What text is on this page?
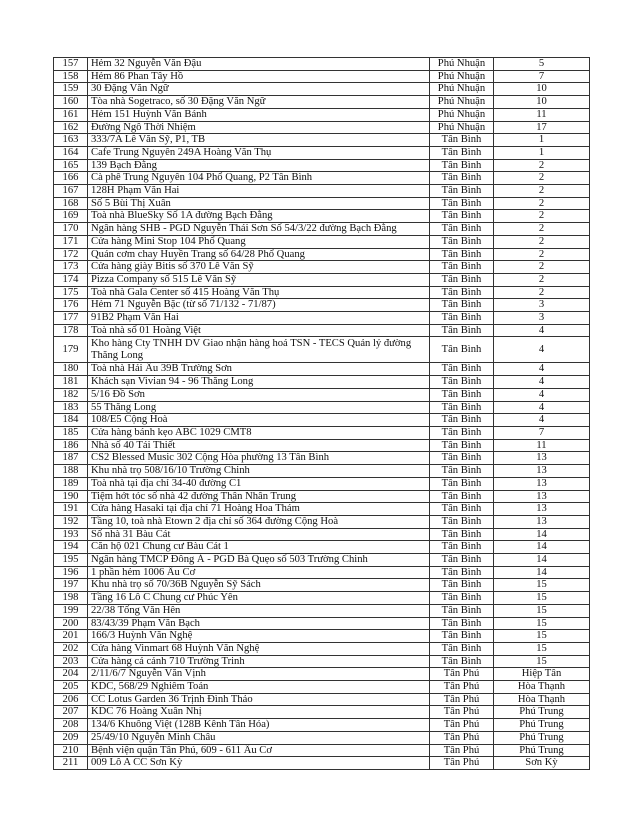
157	Hẻm 32 Nguyễn Văn Đậu	Phú Nhuận	5
158	Hẻm 86 Phan Tây Hồ	Phú Nhuận	7
159	30 Đặng Văn Ngữ	Phú Nhuận	10
160	Tòa nhà Sogetraco, số 30 Đặng Văn Ngữ	Phú Nhuận	10
161	Hẻm 151 Huỳnh Văn Bánh	Phú Nhuận	11
162	Đường Ngô Thời Nhiệm	Phú Nhuận	17
163	333/7A Lê Văn Sỹ, P1, TB	Tân Bình	1
164	Cafe Trung Nguyên 249A Hoàng Văn Thụ	Tân Bình	1
165	139 Bạch Đằng	Tân Bình	2
166	Cà phê Trung Nguyên 104 Phổ Quang, P2 Tân Bình	Tân Bình	2
167	128H Phạm Văn Hai	Tân Bình	2
168	Số 5 Bùi Thị Xuân	Tân Bình	2
169	Toà nhà BlueSky Số 1A đường Bạch Đằng	Tân Bình	2
170	Ngân hàng SHB - PGD Nguyễn Thái Sơn Số 54/3/22 đường Bạch Đằng	Tân Bình	2
171	Cửa hàng Mini Stop 104 Phổ Quang	Tân Bình	2
172	Quán cơm chay Huyền Trang số 64/28 Phổ Quang	Tân Bình	2
173	Cửa hàng giày Bitis số 370 Lê Văn Sỹ	Tân Bình	2
174	Pizza Company số 515 Lê Văn Sỹ	Tân Bình	2
175	Toà nhà Gala Center số 415 Hoàng Văn Thụ	Tân Bình	2
176	Hẻm 71 Nguyễn Bặc (từ số 71/132 - 71/87)	Tân Bình	3
177	91B2 Phạm Văn Hai	Tân Bình	3
178	Toà nhà số 01 Hoàng Việt	Tân Bình	4
179	Kho hàng Cty TNHH DV Giao nhận hàng hoá TSN - TECS Quản lý đường Thăng Long	Tân Bình	4
180	Toà nhà Hải Âu 39B Trường Sơn	Tân Bình	4
181	Khách sạn Vivian 94 - 96 Thăng Long	Tân Bình	4
182	5/16 Đồ Sơn	Tân Bình	4
183	55 Thăng Long	Tân Bình	4
184	108/E5 Cộng Hoà	Tân Bình	4
185	Cửa hàng bánh kẹo ABC 1029 CMT8	Tân Bình	7
186	Nhà số 40 Tái Thiết	Tân Bình	11
187	CS2 Blessed Music 302 Cộng Hòa phường 13 Tân Bình	Tân Bình	13
188	Khu nhà trọ 508/16/10 Trường Chinh	Tân Bình	13
189	Toà nhà tại địa chỉ 34-40 đường C1	Tân Bình	13
190	Tiệm hớt tóc số nhà 42 đường Thân Nhân Trung	Tân Bình	13
191	Cửa hàng Hasaki tại địa chỉ 71 Hoàng Hoa Thám	Tân Bình	13
192	Tầng 10, toà nhà Etown 2 địa chỉ số 364 đường Cộng Hoà	Tân Bình	13
193	Số nhà 31 Bàu Cát	Tân Bình	14
194	Căn hộ 021 Chung cư Bàu Cát 1	Tân Bình	14
195	Ngân hàng TMCP Đông Á - PGD Bà Quẹo số 503 Trường Chinh	Tân Bình	14
196	1 phần hẻm 1006 Âu Cơ	Tân Bình	14
197	Khu nhà trọ số 70/36B Nguyễn Sỹ Sách	Tân Bình	15
198	Tầng 16 Lô C Chung cư Phúc Yên	Tân Bình	15
199	22/38 Tống Văn Hên	Tân Bình	15
200	83/43/39 Phạm Văn Bạch	Tân Bình	15
201	166/3 Huỳnh Văn Nghệ	Tân Bình	15
202	Cửa hàng Vinmart 68 Huỳnh Văn Nghệ	Tân Bình	15
203	Cửa hàng cá cảnh 710 Trường Trinh	Tân Bình	15
204	2/11/6/7 Nguyễn Văn Vịnh	Tân Phú	Hiệp Tân
205	KDC, 568/29 Nghiêm Toản	Tân Phú	Hòa Thạnh
206	CC Lotus Garden 36 Trịnh Đình Thảo	Tân Phú	Hòa Thạnh
207	KDC 76 Hoàng Xuân Nhị	Tân Phú	Phú Trung
208	134/6 Khuông Việt (128B Kênh Tân Hóa)	Tân Phú	Phú Trung
209	25/49/10 Nguyễn Minh Châu	Tân Phú	Phú Trung
210	Bệnh viện quận Tân Phú, 609 - 611 Âu Cơ	Tân Phú	Phú Trung
211	009 Lô A CC Sơn Kỳ	Tân Phú	Sơn Kỳ
